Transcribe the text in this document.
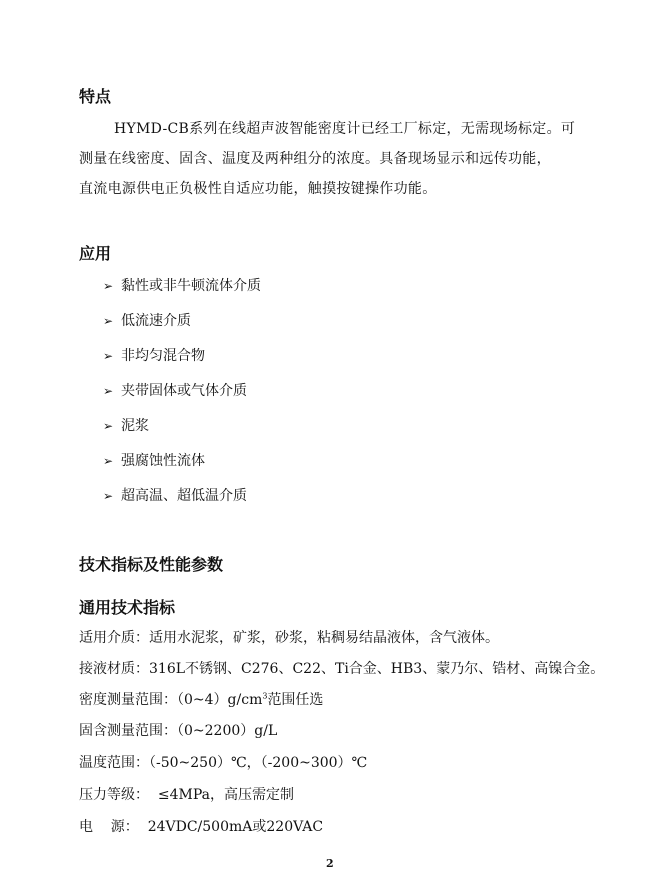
特点
HYMD-CB系列在线超声波智能密度计已经工厂标定，无需现场标定。可
测量在线密度、固含、温度及两种组分的浓度。具备现场显示和远传功能，
直流电源供电正负极性自适应功能，触摸按键操作功能。
应用
➢ 黏性或非牛顿流体介质
➢ 低流速介质
➢ 非均匀混合物
➢ 夹带固体或气体介质
➢ 泥浆
➢ 强腐蚀性流体
➢ 超高温、超低温介质
技术指标及性能参数
通用技术指标
适用介质：适用水泥浆，矿浆，砂浆，粘稠易结晶液体，含气液体。
接液材质：316L不锈钢、C276、C22、Ti合金、HB3、蒙乃尔、锆材、高镍合金。
密度测量范围：$(0\sim 4)g/cm^3$范围任选
固含测量范围：（0~2200）g/L
温度范围：（-50~250）℃，（-200~300）℃
压力等级：  ≤4MPa，高压需定制
电    源：  24VDC/500mA或220VAC
2
